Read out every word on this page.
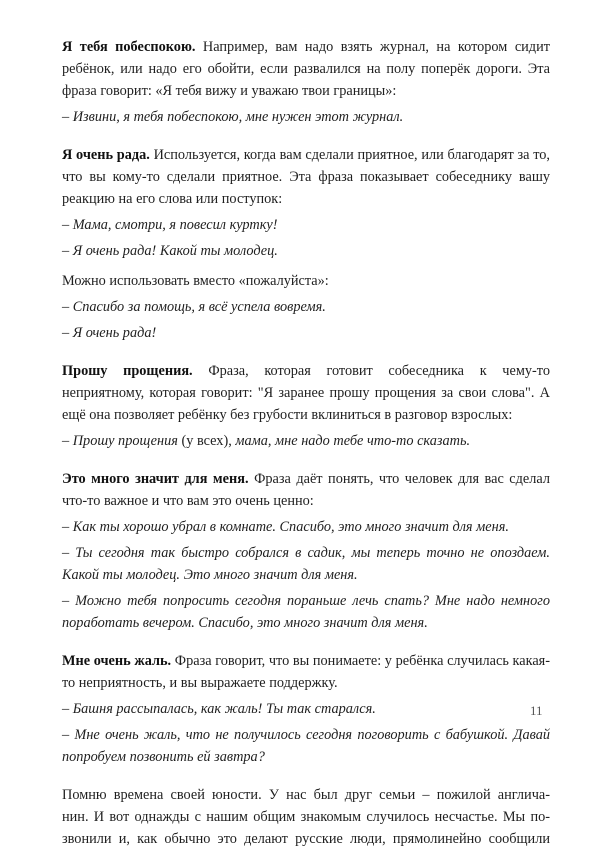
Я тебя побеспокою. Например, вам надо взять журнал, на котором сидит ребёнок, или надо его обойти, если развалился на полу поперёк дороги. Эта фраза говорит: «Я тебя вижу и уважаю твои границы»:

– Извини, я тебя побеспокою, мне нужен этот журнал.

Я очень рада. Используется, когда вам сделали приятное, или благодарят за то, что вы кому-то сделали приятное. Эта фраза показывает собеседнику вашу реакцию на его слова или поступок:

– Мама, смотри, я повесил куртку!

– Я очень рада! Какой ты молодец.

Можно использовать вместо «пожалуйста»:

– Спасибо за помощь, я всё успела вовремя.

– Я очень рада!

Прошу прощения. Фраза, которая готовит собеседника к чему-то неприятному, которая говорит: "Я заранее прошу прощения за свои слова". А ещё она позволяет ребёнку без грубости вклиниться в разговор взрослых:

– Прошу прощения (у всех), мама, мне надо тебе что-то сказать.

Это много значит для меня. Фраза даёт понять, что человек для вас сделал что-то важное и что вам это очень ценно:

– Как ты хорошо убрал в комнате. Спасибо, это много значит для меня.

– Ты сегодня так быстро собрался в садик, мы теперь точно не опоздаем. Какой ты молодец. Это много значит для меня.

– Можно тебя попросить сегодня пораньше лечь спать? Мне надо немного поработать вечером. Спасибо, это много значит для меня.

Мне очень жаль. Фраза говорит, что вы понимаете: у ребёнка случилась какая-то неприятность, и вы выражаете поддержку.

– Башня рассыпалась, как жаль! Ты так старался.

– Мне очень жаль, что не получилось сегодня поговорить с бабушкой. Давай попробуем позвонить ей завтра?

Помню времена своей юности. У нас был друг семьи – пожилой англича-
нин. И вот однажды с нашим общим знакомым случилось несчастье. Мы по-
звонили и, как обычно это делают русские люди, прямолинейно сообщили
11
